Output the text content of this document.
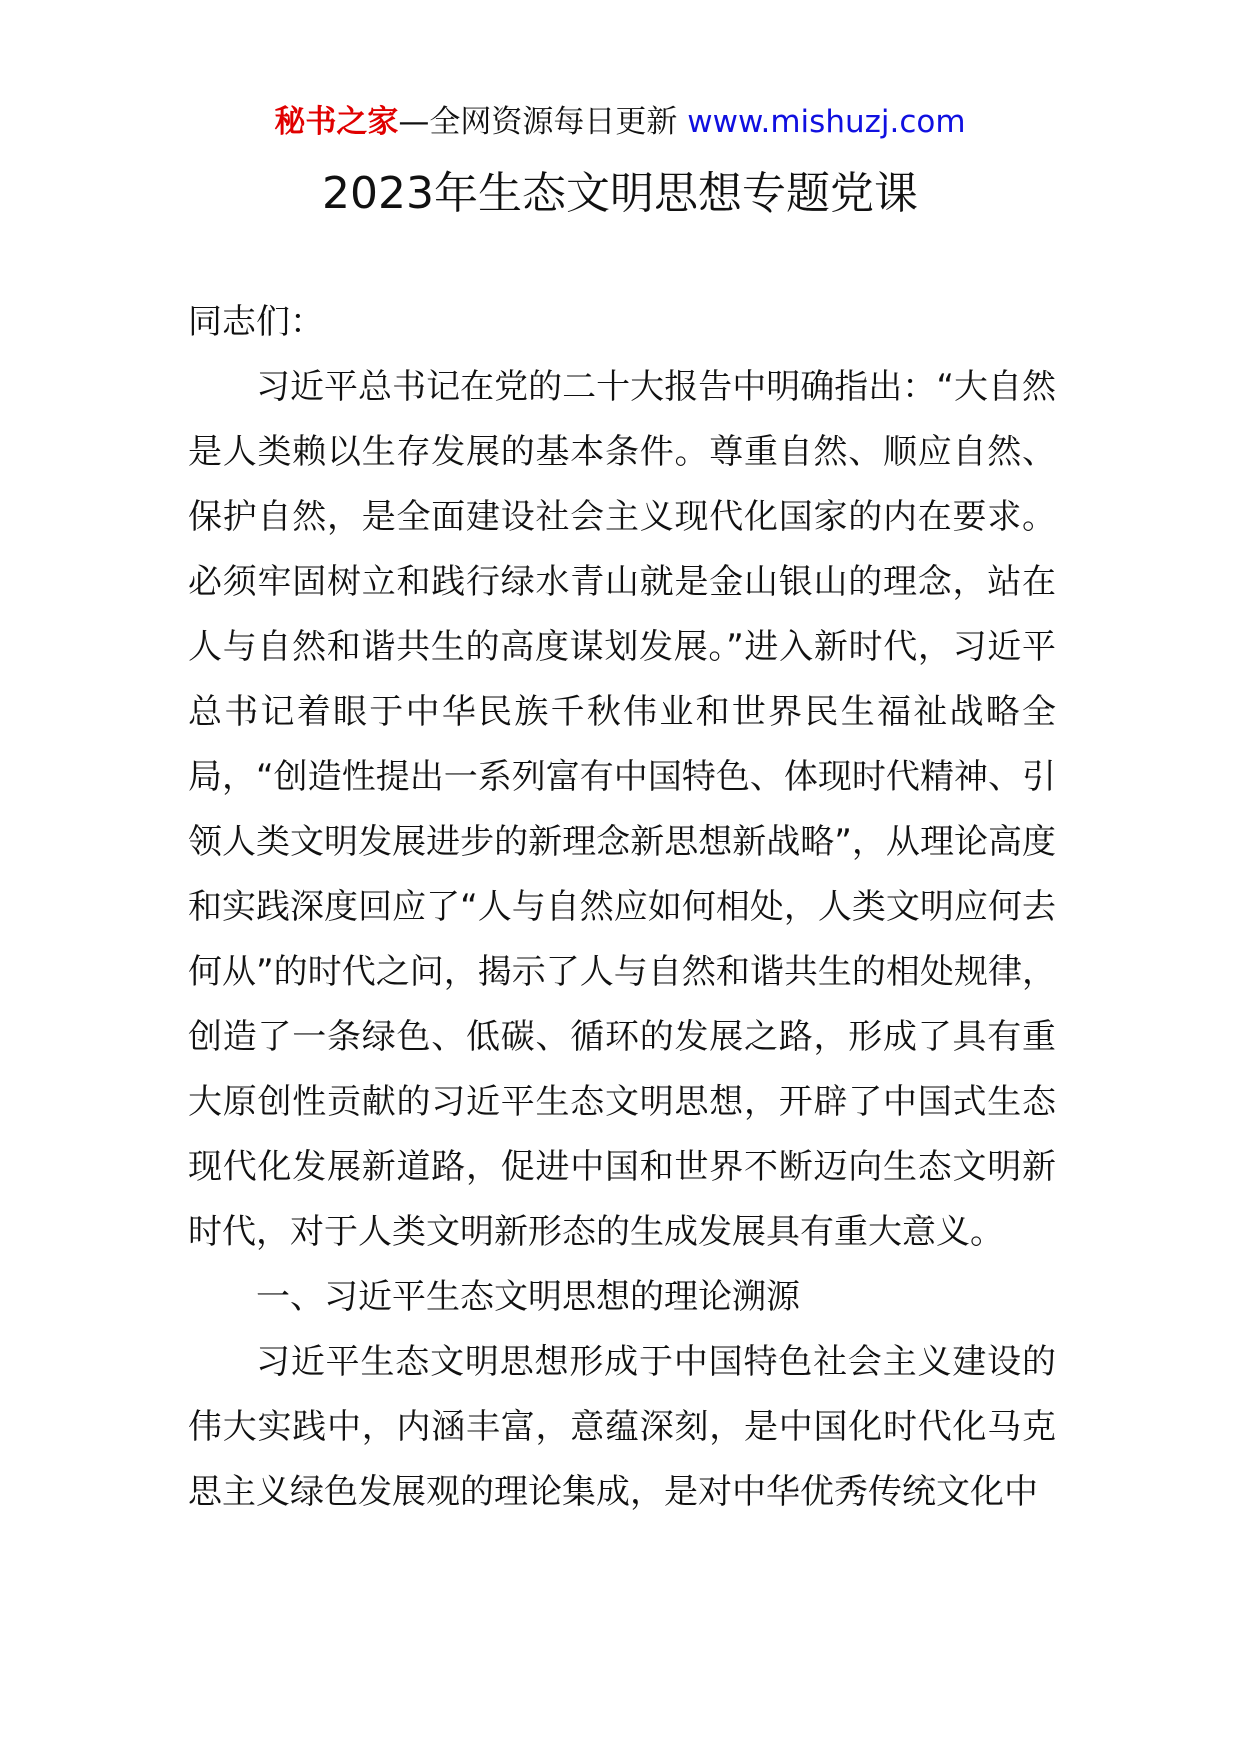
秘书之家—全网资源每日更新 www.mishuzj.com
2023年生态文明思想专题党课

同志们：

习近平总书记在党的二十大报告中明确指出：“大自然是人类赖以生存发展的基本条件。尊重自然、顺应自然、保护自然，是全面建设社会主义现代化国家的内在要求。必须牢固树立和践行绿水青山就是金山银山的理念，站在人与自然和谐共生的高度谋划发展。”进入新时代，习近平总书记着眼于中华民族千秋伟业和世界民生福祉战略全局，“创造性提出一系列富有中国特色、体现时代精神、引领人类文明发展进步的新理念新思想新战略”，从理论高度和实践深度回应了“人与自然应如何相处，人类文明应何去何从”的时代之问，揭示了人与自然和谐共生的相处规律，创造了一条绿色、低碳、循环的发展之路，形成了具有重大原创性贡献的习近平生态文明思想，开辟了中国式生态现代化发展新道路，促进中国和世界不断迈向生态文明新时代，对于人类文明新形态的生成发展具有重大意义。

一、习近平生态文明思想的理论溯源

习近平生态文明思想形成于中国特色社会主义建设的伟大实践中，内涵丰富，意蕴深刻，是中国化时代化马克思主义绿色发展观的理论集成，是对中华优秀传统文化中
